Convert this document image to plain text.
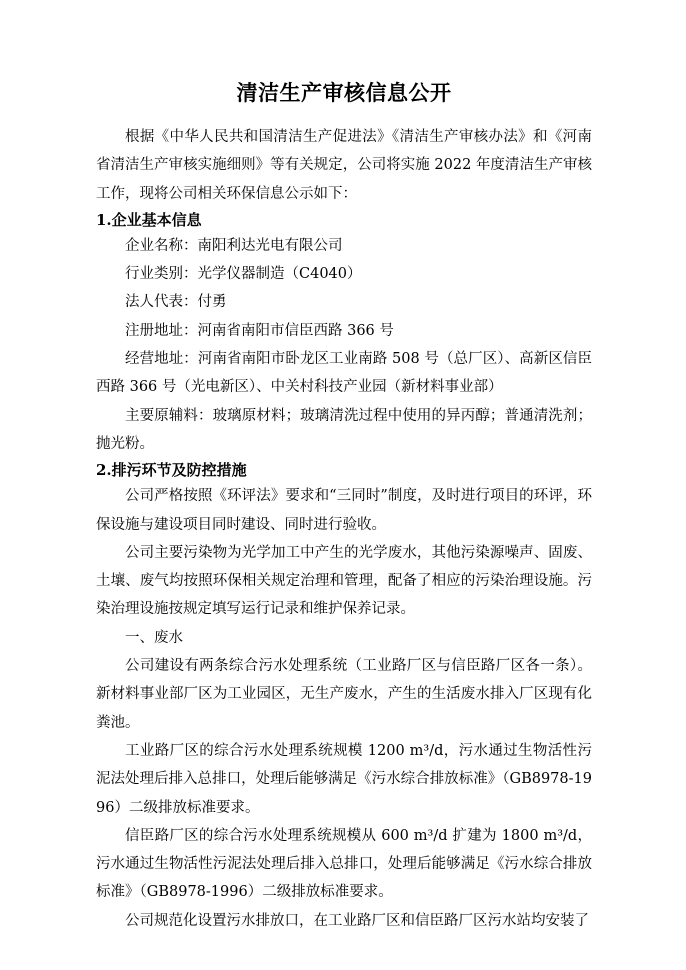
清洁生产审核信息公开

根据《中华人民共和国清洁生产促进法》《清洁生产审核办法》和《河南省清洁生产审核实施细则》等有关规定，公司将实施 2022 年度清洁生产审核工作，现将公司相关环保信息公示如下：

1.企业基本信息

企业名称：南阳利达光电有限公司

行业类别：光学仪器制造（C4040）

法人代表：付勇

注册地址：河南省南阳市信臣西路 366 号

经营地址：河南省南阳市卧龙区工业南路 508 号（总厂区）、高新区信臣西路 366 号（光电新区）、中关村科技产业园（新材料事业部）

主要原辅料：玻璃原材料；玻璃清洗过程中使用的异丙醇；普通清洗剂；抛光粉。

2.排污环节及防控措施

公司严格按照《环评法》要求和“三同时”制度，及时进行项目的环评，环保设施与建设项目同时建设、同时进行验收。

公司主要污染物为光学加工中产生的光学废水，其他污染源噪声、固废、土壤、废气均按照环保相关规定治理和管理，配备了相应的污染治理设施。污染治理设施按规定填写运行记录和维护保养记录。

一、废水

公司建设有两条综合污水处理系统（工业路厂区与信臣路厂区各一条）。新材料事业部厂区为工业园区，无生产废水，产生的生活废水排入厂区现有化粪池。

工业路厂区的综合污水处理系统规模 1200 m³/d，污水通过生物活性污泥法处理后排入总排口，处理后能够满足《污水综合排放标准》（GB8978-1996）二级排放标准要求。

信臣路厂区的综合污水处理系统规模从 600 m³/d 扩建为 1800 m³/d，污水通过生物活性污泥法处理后排入总排口，处理后能够满足《污水综合排放标准》（GB8978-1996）二级排放标准要求。

公司规范化设置污水排放口，在工业路厂区和信臣路厂区污水站均安装了
